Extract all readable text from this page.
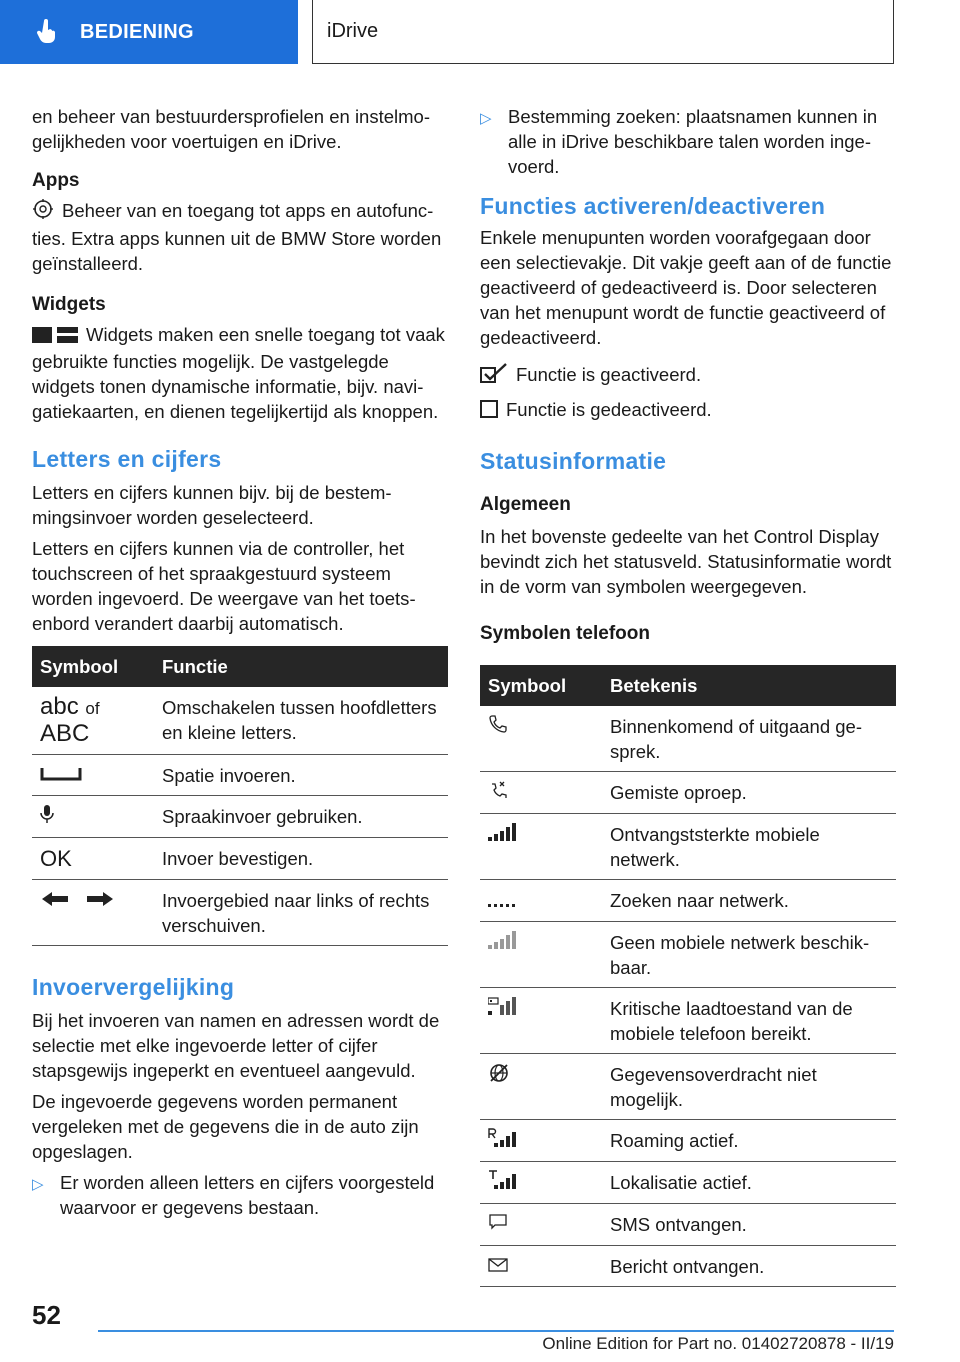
BEDIENING	iDrive

en beheer van bestuurdersprofielen en instelmogelijkheden voor voertuigen en iDrive.

Apps

Beheer van en toegang tot apps en autofuncties. Extra apps kunnen uit de BMW Store worden geïnstalleerd.

Widgets

Widgets maken een snelle toegang tot vaak gebruikte functies mogelijk. De vastgelegde widgets tonen dynamische informatie, bijv. navigatiekaarten, en dienen tegelijkertijd als knoppen.

Letters en cijfers

Letters en cijfers kunnen bijv. bij de bestemmingsinvoer worden geselecteerd.

Letters en cijfers kunnen via de controller, het touchscreen of het spraakgestuurd systeem worden ingevoerd. De weergave van het toetsenbord verandert daarbij automatisch.

Symbool	Functie

abc of
ABC	Omschakelen tussen hoofdletters en kleine letters.
	Spatie invoeren.
	Spraakinvoer gebruiken.
OK	Invoer bevestigen.
	Invoergebied naar links of rechts verschuiven.
Invoervergelijking

Bij het invoeren van namen en adressen wordt de selectie met elke ingevoerde letter of cijfer stapsgewijs ingeperkt en eventueel aangevuld.

De ingevoerde gegevens worden permanent vergeleken met de gegevens die in de auto zijn opgeslagen.

▷ Er worden alleen letters en cijfers voorgesteld waarvoor er gegevens bestaan.
▷ Bestemming zoeken: plaatsnamen kunnen in alle in iDrive beschikbare talen worden ingevoerd.
Functies activeren/deactiveren

Enkele menupunten worden voorafgegaan door een selectievakje. Dit vakje geeft aan of de functie geactiveerd of gedeactiveerd is. Door selecteren van het menupunt wordt de functie geactiveerd of gedeactiveerd.

Functie is geactiveerd.

Functie is gedeactiveerd.

Statusinformatie
Algemeen

In het bovenste gedeelte van het Control Display bevindt zich het statusveld. Statusinformatie wordt in de vorm van symbolen weergegeven.

Symbolen telefoon
Symbool	Betekenis
	Binnenkomend of uitgaand gesprek.
	Gemiste oproep.
	Ontvangststerkte mobiele netwerk.
	Zoeken naar netwerk.
	Geen mobiele netwerk beschikbaar.
	Kritische laadtoestand van de mobiele telefoon bereikt.
	Gegevensoverdracht niet mogelijk.
	Roaming actief.
	Lokalisatie actief.
	SMS ontvangen.
	Bericht ontvangen.
52
Online Edition for Part no. 01402720878 - II/19
